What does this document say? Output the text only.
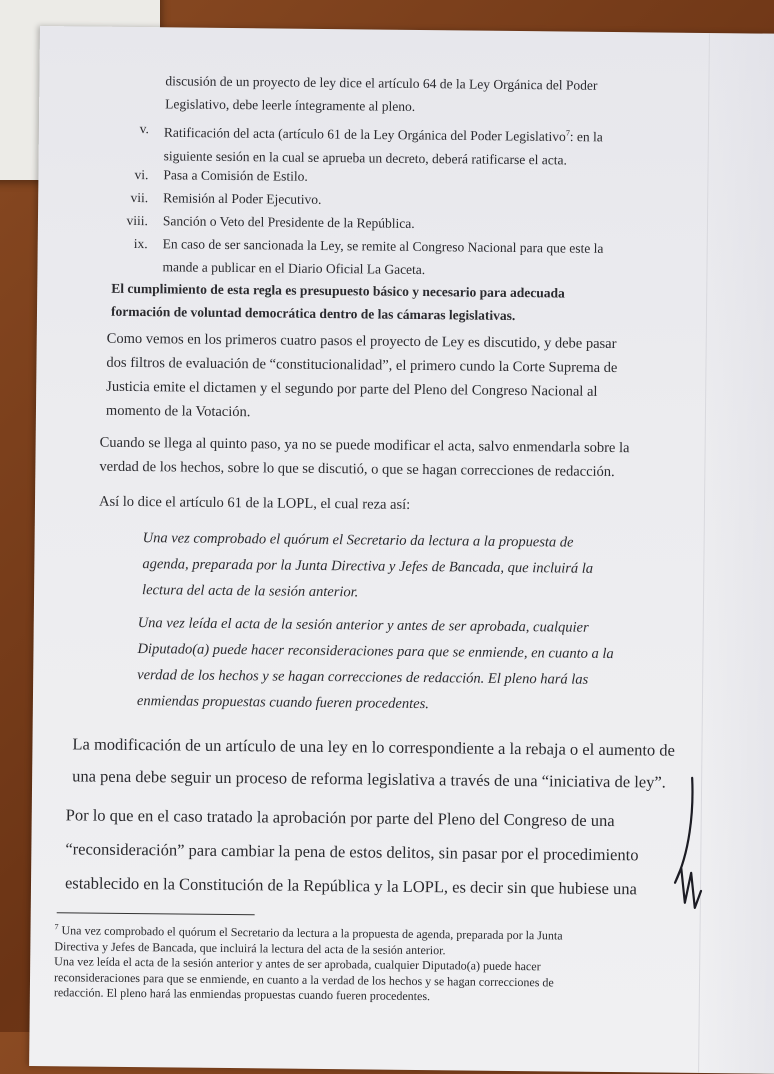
discusión de un proyecto de ley dice el artículo 64 de la Ley Orgánica del Poder
Legislativo, debe leerle íntegramente al pleno.
v. Ratificación del acta (artículo 61 de la Ley Orgánica del Poder Legislativo$^7$: en la
siguiente sesión en la cual se aprueba un decreto, deberá ratificarse el acta.
vi. Pasa a Comisión de Estilo.
vii. Remisión al Poder Ejecutivo.
viii. Sanción o Veto del Presidente de la República.
ix. En caso de ser sancionada la Ley, se remite al Congreso Nacional para que este la
mande a publicar en el Diario Oficial La Gaceta.
El cumplimiento de esta regla es presupuesto básico y necesario para adecuada
formación de voluntad democrática dentro de las cámaras legislativas.
Como vemos en los primeros cuatro pasos el proyecto de Ley es discutido, y debe pasar
dos filtros de evaluación de “constitucionalidad”, el primero cundo la Corte Suprema de
Justicia emite el dictamen y el segundo por parte del Pleno del Congreso Nacional al
momento de la Votación.
Cuando se llega al quinto paso, ya no se puede modificar el acta, salvo enmendarla sobre la
verdad de los hechos, sobre lo que se discutió, o que se hagan correcciones de redacción.
Así lo dice el artículo 61 de la LOPL, el cual reza así:
Una vez comprobado el quórum el Secretario da lectura a la propuesta de
agenda, preparada por la Junta Directiva y Jefes de Bancada, que incluirá la
lectura del acta de la sesión anterior.
Una vez leída el acta de la sesión anterior y antes de ser aprobada, cualquier
Diputado(a) puede hacer reconsideraciones para que se enmiende, en cuanto a la
verdad de los hechos y se hagan correcciones de redacción. El pleno hará las
enmiendas propuestas cuando fueren procedentes.
La modificación de un artículo de una ley en lo correspondiente a la rebaja o el aumento de
una pena debe seguir un proceso de reforma legislativa a través de una “iniciativa de ley”.
Por lo que en el caso tratado la aprobación por parte del Pleno del Congreso de una
“reconsideración” para cambiar la pena de estos delitos, sin pasar por el procedimiento
establecido en la Constitución de la República y la LOPL, es decir sin que hubiese una
$^7$ Una vez comprobado el quórum el Secretario da lectura a la propuesta de agenda, preparada por la Junta
Directiva y Jefes de Bancada, que incluirá la lectura del acta de la sesión anterior.
Una vez leída el acta de la sesión anterior y antes de ser aprobada, cualquier Diputado(a) puede hacer
reconsideraciones para que se enmiende, en cuanto a la verdad de los hechos y se hagan correcciones de
redacción. El pleno hará las enmiendas propuestas cuando fueren procedentes.
